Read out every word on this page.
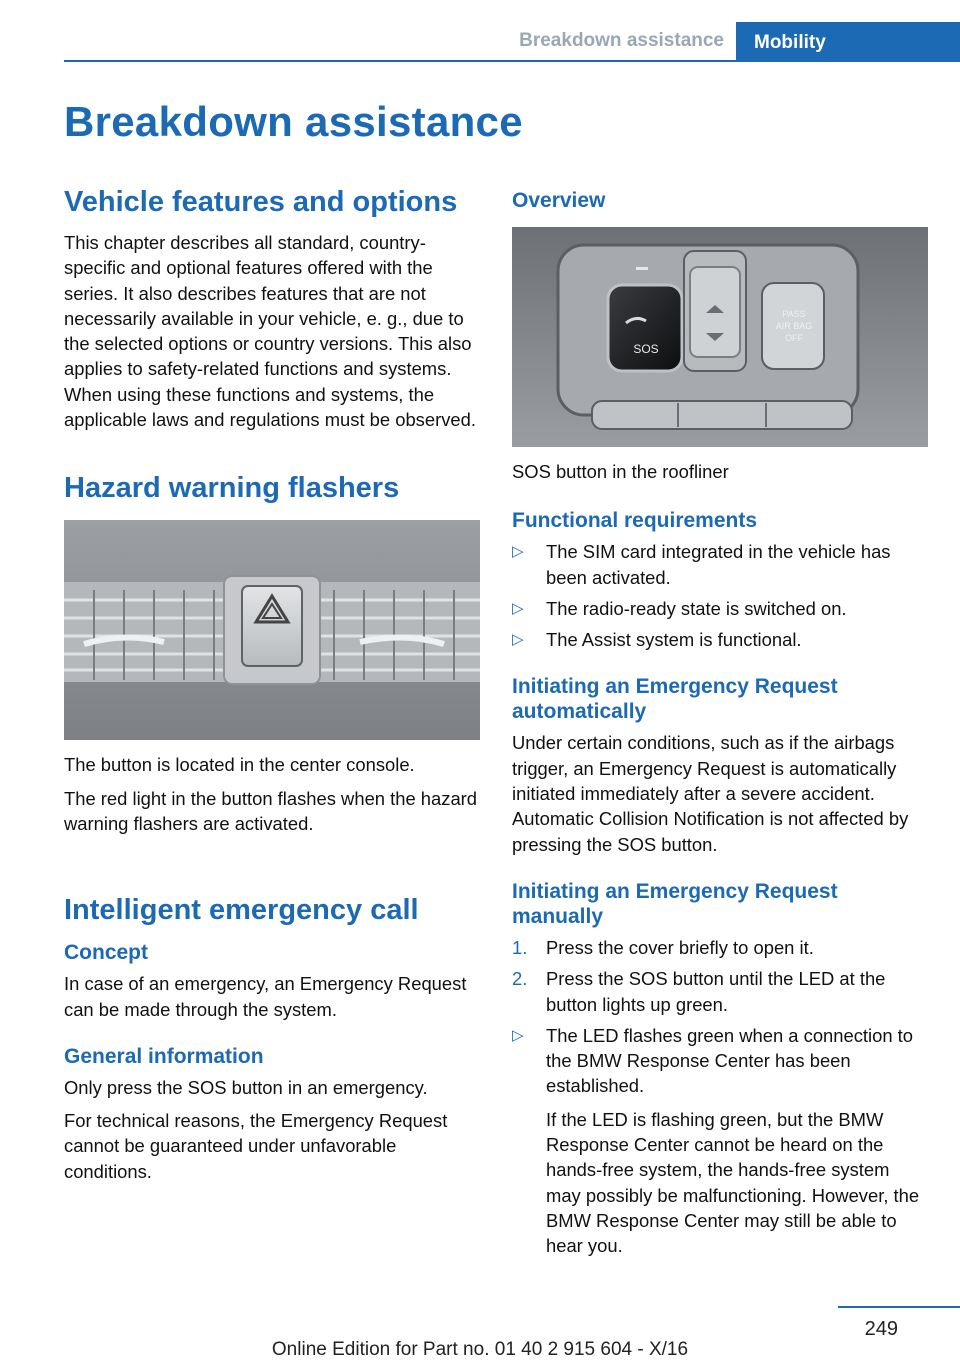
Breakdown assistance	Mobility
Breakdown assistance
Vehicle features and options

This chapter describes all standard, country-specific and optional features offered with the series. It also describes features that are not necessarily available in your vehicle, e. g., due to the selected options or country versions. This also applies to safety-related functions and systems. When using these functions and systems, the applicable laws and regulations must be observed.

Hazard warning flashers

The button is located in the center console.

The red light in the button flashes when the hazard warning flashers are activated.

Intelligent emergency call
Concept

In case of an emergency, an Emergency Request can be made through the system.

General information

Only press the SOS button in an emergency.

For technical reasons, the Emergency Request cannot be guaranteed under unfavorable conditions.

Overview
SOS
PASS
AIR BAG
OFF

SOS button in the roofliner

Functional requirements
▷ The SIM card integrated in the vehicle has been activated.
▷ The radio-ready state is switched on.
▷ The Assist system is functional.
Initiating an Emergency Request automatically

Under certain conditions, such as if the airbags trigger, an Emergency Request is automatically initiated immediately after a severe accident. Automatic Collision Notification is not affected by pressing the SOS button.

Initiating an Emergency Request manually
1. Press the cover briefly to open it.
2. Press the SOS button until the LED at the button lights up green.
▷ The LED flashes green when a connection to the BMW Response Center has been established.

If the LED is flashing green, but the BMW Response Center cannot be heard on the hands-free system, the hands-free system may possibly be malfunctioning. However, the BMW Response Center may still be able to hear you.

249
Online Edition for Part no. 01 40 2 915 604 - X/16
